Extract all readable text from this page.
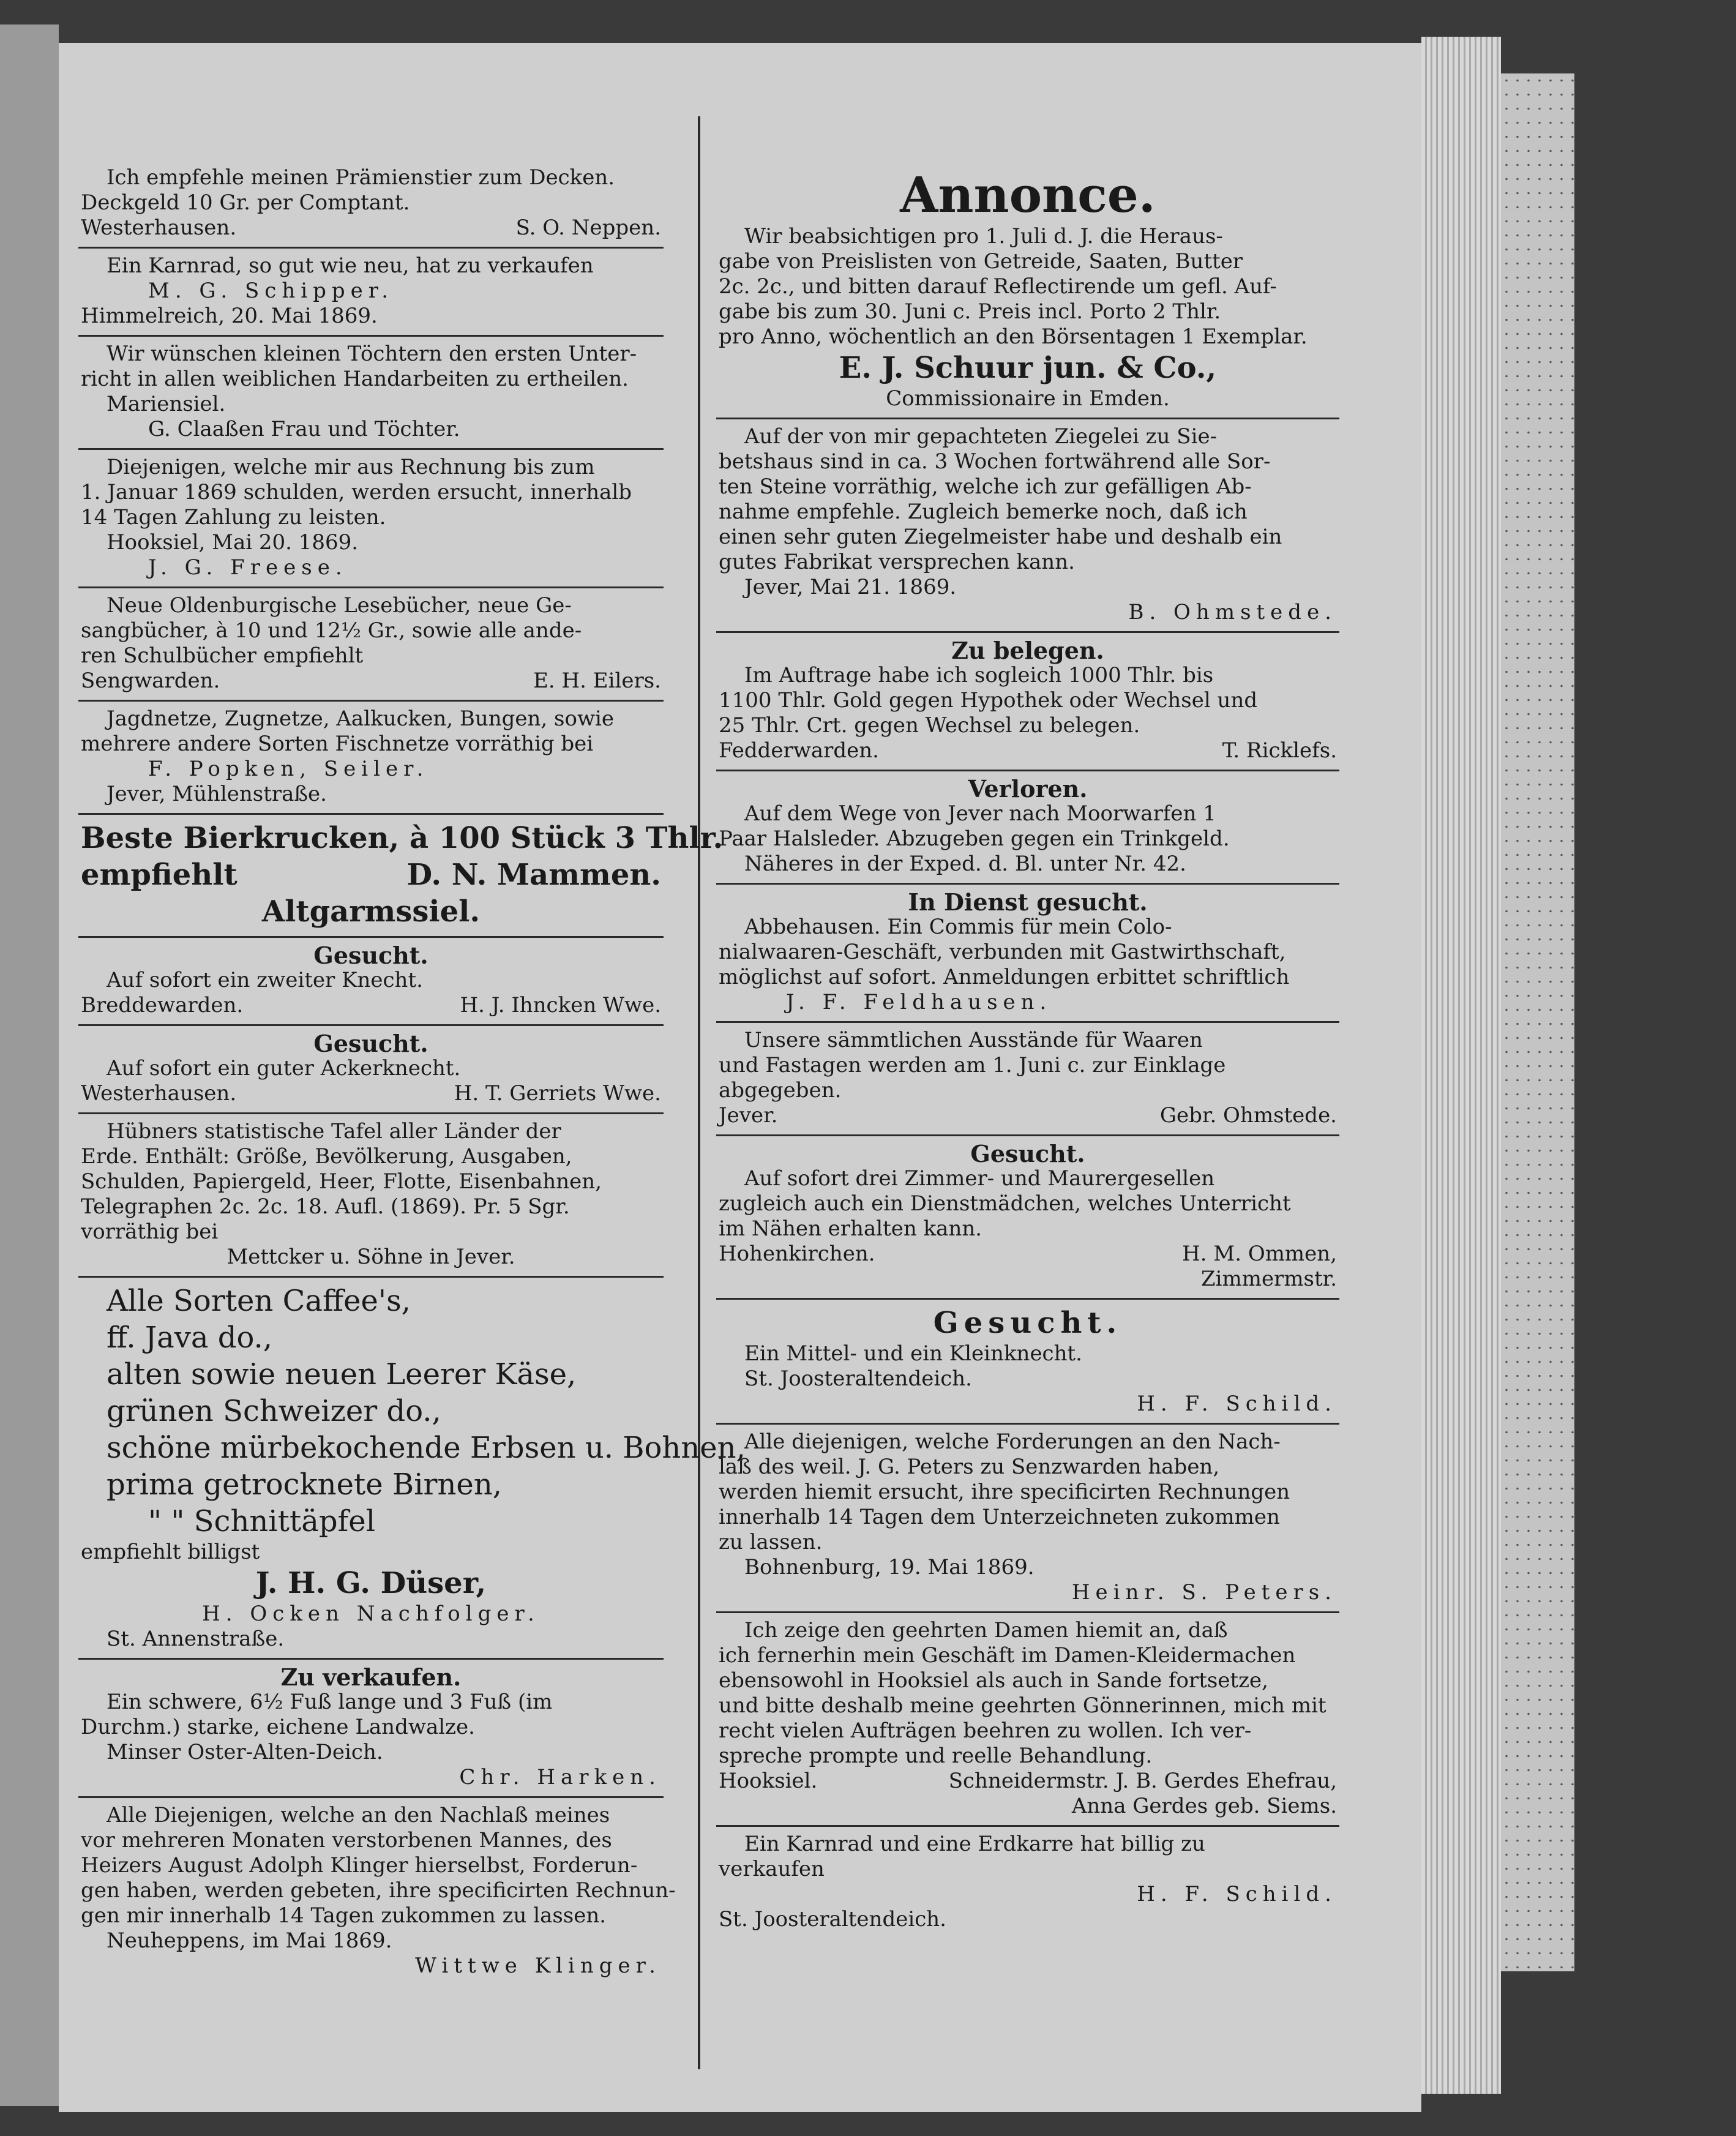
Ich empfehle meinen Prämienstier zum Decken.
Deckgeld 10 Gr. per Comptant.
Westerhausen.	S. O. Neppen.
Ein Karnrad, so gut wie neu, hat zu verkaufen
M. G. Schipper.
Himmelreich, 20. Mai 1869.
Wir wünschen kleinen Töchtern den ersten Unter-
richt in allen weiblichen Handarbeiten zu ertheilen.
Mariensiel.
G. Claaßen Frau und Töchter.
Diejenigen, welche mir aus Rechnung bis zum
1. Januar 1869 schulden, werden ersucht, innerhalb
14 Tagen Zahlung zu leisten.
Hooksiel, Mai 20. 1869.
J. G. Freese.
Neue Oldenburgische Lesebücher, neue Ge-
sangbücher, à 10 und 12½ Gr., sowie alle ande-
ren Schulbücher empfiehlt
Sengwarden.	E. H. Eilers.
Jagdnetze, Zugnetze, Aalkucken, Bungen, sowie
mehrere andere Sorten Fischnetze vorräthig bei
F. Popken, Seiler.
Jever, Mühlenstraße.
Beste Bierkrucken, à 100 Stück 3 Thlr.
empfiehlt	D. N. Mammen.
Altgarmssiel.
Gesucht.
Auf sofort ein zweiter Knecht.
Breddewarden.	H. J. Ihncken Wwe.
Gesucht.
Auf sofort ein guter Ackerknecht.
Westerhausen.	H. T. Gerriets Wwe.
Hübners statistische Tafel aller Länder der
Erde. Enthält: Größe, Bevölkerung, Ausgaben,
Schulden, Papiergeld, Heer, Flotte, Eisenbahnen,
Telegraphen 2c. 2c. 18. Aufl. (1869). Pr. 5 Sgr.
vorräthig bei
Mettcker u. Söhne in Jever.
Alle Sorten Caffee's,
ff. Java do.,
alten sowie neuen Leerer Käse,
grünen Schweizer do.,
schöne mürbekochende Erbsen u. Bohnen,
prima getrocknete Birnen,
" " Schnittäpfel
empfiehlt billigst
J. H. G. Düser,
H. Ocken Nachfolger.
St. Annenstraße.
Zu verkaufen.
Ein schwere, 6½ Fuß lange und 3 Fuß (im
Durchm.) starke, eichene Landwalze.
Minser Oster-Alten-Deich.
Chr. Harken.
Alle Diejenigen, welche an den Nachlaß meines
vor mehreren Monaten verstorbenen Mannes, des
Heizers August Adolph Klinger hierselbst, Forderun-
gen haben, werden gebeten, ihre specificirten Rechnun-
gen mir innerhalb 14 Tagen zukommen zu lassen.
Neuheppens, im Mai 1869.
Wittwe Klinger.
Annonce.
Wir beabsichtigen pro 1. Juli d. J. die Heraus-
gabe von Preislisten von Getreide, Saaten, Butter
2c. 2c., und bitten darauf Reflectirende um gefl. Auf-
gabe bis zum 30. Juni c. Preis incl. Porto 2 Thlr.
pro Anno, wöchentlich an den Börsentagen 1 Exemplar.
E. J. Schuur jun. & Co.,
Commissionaire in Emden.
Auf der von mir gepachteten Ziegelei zu Sie-
betshaus sind in ca. 3 Wochen fortwährend alle Sor-
ten Steine vorräthig, welche ich zur gefälligen Ab-
nahme empfehle. Zugleich bemerke noch, daß ich
einen sehr guten Ziegelmeister habe und deshalb ein
gutes Fabrikat versprechen kann.
Jever, Mai 21. 1869.
B. Ohmstede.
Zu belegen.
Im Auftrage habe ich sogleich 1000 Thlr. bis
1100 Thlr. Gold gegen Hypothek oder Wechsel und
25 Thlr. Crt. gegen Wechsel zu belegen.
Fedderwarden.	T. Ricklefs.
Verloren.
Auf dem Wege von Jever nach Moorwarfen 1
Paar Halsleder. Abzugeben gegen ein Trinkgeld.
Näheres in der Exped. d. Bl. unter Nr. 42.
In Dienst gesucht.
Abbehausen. Ein Commis für mein Colo-
nialwaaren-Geschäft, verbunden mit Gastwirthschaft,
möglichst auf sofort. Anmeldungen erbittet schriftlich
J. F. Feldhausen.
Unsere sämmtlichen Ausstände für Waaren
und Fastagen werden am 1. Juni c. zur Einklage
abgegeben.
Jever.	Gebr. Ohmstede.
Gesucht.
Auf sofort drei Zimmer- und Maurergesellen
zugleich auch ein Dienstmädchen, welches Unterricht
im Nähen erhalten kann.
Hohenkirchen.	H. M. Ommen,
Zimmermstr.
Gesucht.
Ein Mittel- und ein Kleinknecht.
St. Joosteraltendeich.
H. F. Schild.
Alle diejenigen, welche Forderungen an den Nach-
laß des weil. J. G. Peters zu Senzwarden haben,
werden hiemit ersucht, ihre specificirten Rechnungen
innerhalb 14 Tagen dem Unterzeichneten zukommen
zu lassen.
Bohnenburg, 19. Mai 1869.
Heinr. S. Peters.
Ich zeige den geehrten Damen hiemit an, daß
ich fernerhin mein Geschäft im Damen-Kleidermachen
ebensowohl in Hooksiel als auch in Sande fortsetze,
und bitte deshalb meine geehrten Gönnerinnen, mich mit
recht vielen Aufträgen beehren zu wollen. Ich ver-
spreche prompte und reelle Behandlung.
Hooksiel.	Schneidermstr. J. B. Gerdes Ehefrau,
Anna Gerdes geb. Siems.
Ein Karnrad und eine Erdkarre hat billig zu
verkaufen
H. F. Schild.
St. Joosteraltendeich.
